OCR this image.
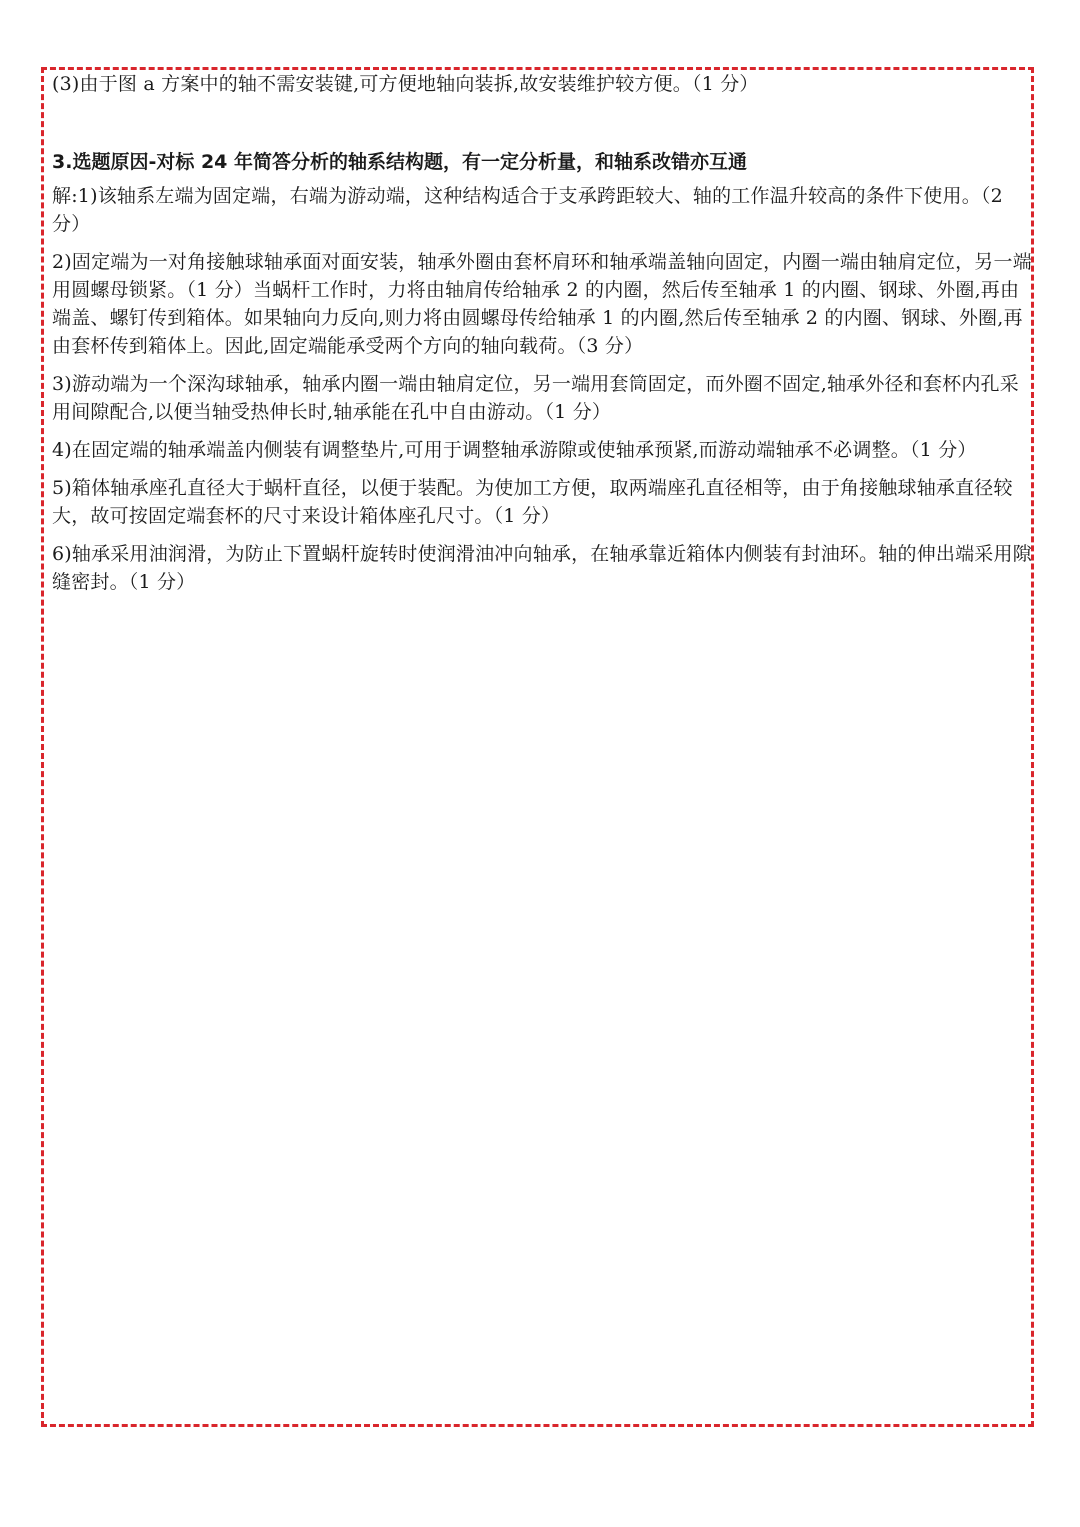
(3)由于图 a 方案中的轴不需安装键,可方便地轴向装拆,故安装维护较方便。（1 分）

3.选题原因-对标 24 年简答分析的轴系结构题，有一定分析量，和轴系改错亦互通

解:1)该轴系左端为固定端，右端为游动端，这种结构适合于支承跨距较大、轴的工作温升较高的条件下使用。（2 分）

2)固定端为一对角接触球轴承面对面安装，轴承外圈由套杯肩环和轴承端盖轴向固定，内圈一端由轴肩定位，另一端用圆螺母锁紧。（1 分）当蜗杆工作时，力将由轴肩传给轴承 2 的内圈，然后传至轴承 1 的内圈、钢球、外圈,再由端盖、螺钉传到箱体。如果轴向力反向,则力将由圆螺母传给轴承 1 的内圈,然后传至轴承 2 的内圈、钢球、外圈,再由套杯传到箱体上。因此,固定端能承受两个方向的轴向载荷。（3 分）

3)游动端为一个深沟球轴承，轴承内圈一端由轴肩定位，另一端用套筒固定，而外圈不固定,轴承外径和套杯内孔采用间隙配合,以便当轴受热伸长时,轴承能在孔中自由游动。（1 分）

4)在固定端的轴承端盖内侧装有调整垫片,可用于调整轴承游隙或使轴承预紧,而游动端轴承不必调整。（1 分）

5)箱体轴承座孔直径大于蜗杆直径，以便于装配。为使加工方便，取两端座孔直径相等，由于角接触球轴承直径较大，故可按固定端套杯的尺寸来设计箱体座孔尺寸。（1 分）

6)轴承采用油润滑，为防止下置蜗杆旋转时使润滑油冲向轴承，在轴承靠近箱体内侧装有封油环。轴的伸出端采用隙缝密封。（1 分）
